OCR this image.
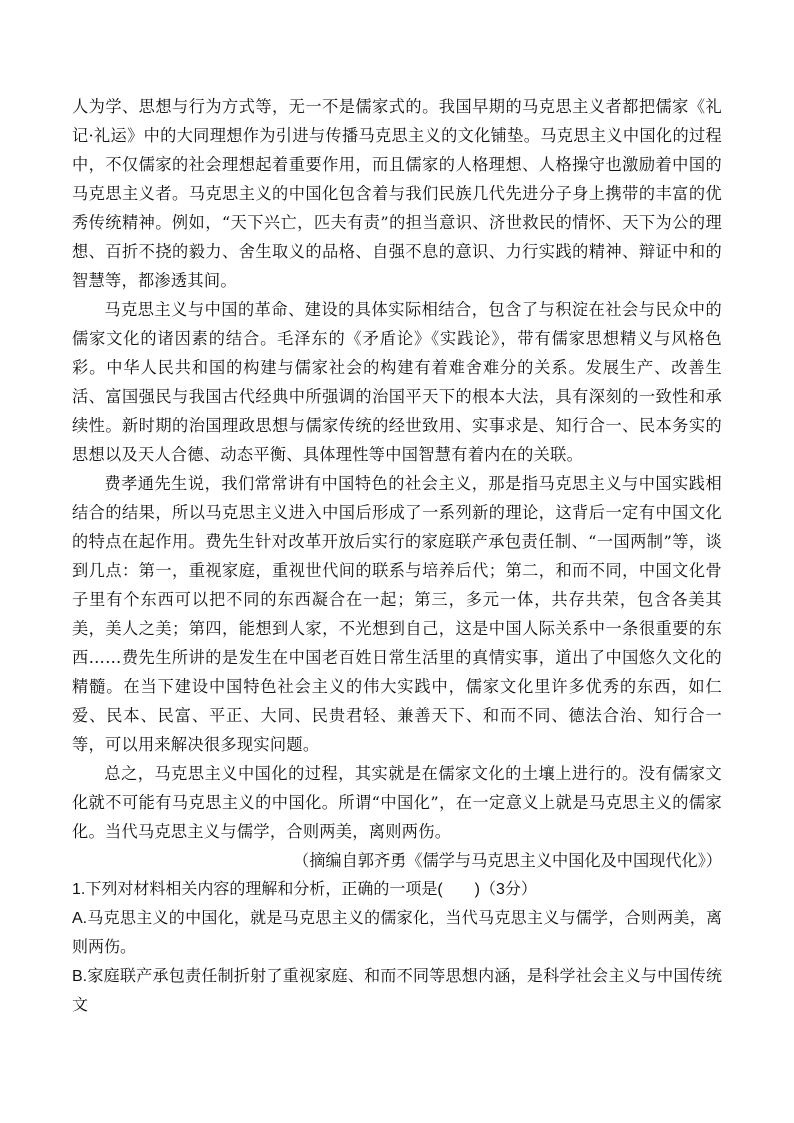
人为学、思想与行为方式等，无一不是儒家式的。我国早期的马克思主义者都把儒家《礼记·礼运》中的大同理想作为引进与传播马克思主义的文化铺垫。马克思主义中国化的过程中，不仅儒家的社会理想起着重要作用，而且儒家的人格理想、人格操守也激励着中国的马克思主义者。马克思主义的中国化包含着与我们民族几代先进分子身上携带的丰富的优秀传统精神。例如，“天下兴亡，匹夫有责”的担当意识、济世救民的情怀、天下为公的理想、百折不挠的毅力、舍生取义的品格、自强不息的意识、力行实践的精神、辩证中和的智慧等，都渗透其间。

马克思主义与中国的革命、建设的具体实际相结合，包含了与积淀在社会与民众中的儒家文化的诸因素的结合。毛泽东的《矛盾论》《实践论》，带有儒家思想精义与风格色彩。中华人民共和国的构建与儒家社会的构建有着难舍难分的关系。发展生产、改善生活、富国强民与我国古代经典中所强调的治国平天下的根本大法，具有深刻的一致性和承续性。新时期的治国理政思想与儒家传统的经世致用、实事求是、知行合一、民本务实的思想以及天人合德、动态平衡、具体理性等中国智慧有着内在的关联。

费孝通先生说，我们常常讲有中国特色的社会主义，那是指马克思主义与中国实践相结合的结果，所以马克思主义进入中国后形成了一系列新的理论，这背后一定有中国文化的特点在起作用。费先生针对改革开放后实行的家庭联产承包责任制、“一国两制”等，谈到几点：第一，重视家庭，重视世代间的联系与培养后代；第二，和而不同，中国文化骨子里有个东西可以把不同的东西凝合在一起；第三，多元一体，共存共荣，包含各美其美，美人之美；第四，能想到人家，不光想到自己，这是中国人际关系中一条很重要的东西……费先生所讲的是发生在中国老百姓日常生活里的真情实事，道出了中国悠久文化的精髓。在当下建设中国特色社会主义的伟大实践中，儒家文化里许多优秀的东西，如仁爱、民本、民富、平正、大同、民贵君轻、兼善天下、和而不同、德法合治、知行合一等，可以用来解决很多现实问题。

总之，马克思主义中国化的过程，其实就是在儒家文化的土壤上进行的。没有儒家文化就不可能有马克思主义的中国化。所谓“中国化”，在一定意义上就是马克思主义的儒家化。当代马克思主义与儒学，合则两美，离则两伤。

（摘编自郭齐勇《儒学与马克思主义中国化及中国现代化》）

1.下列对材料相关内容的理解和分析，正确的一项是(　　)（3分）

A.马克思主义的中国化，就是马克思主义的儒家化，当代马克思主义与儒学，合则两美，离则两伤。

B.家庭联产承包责任制折射了重视家庭、和而不同等思想内涵，是科学社会主义与中国传统文
